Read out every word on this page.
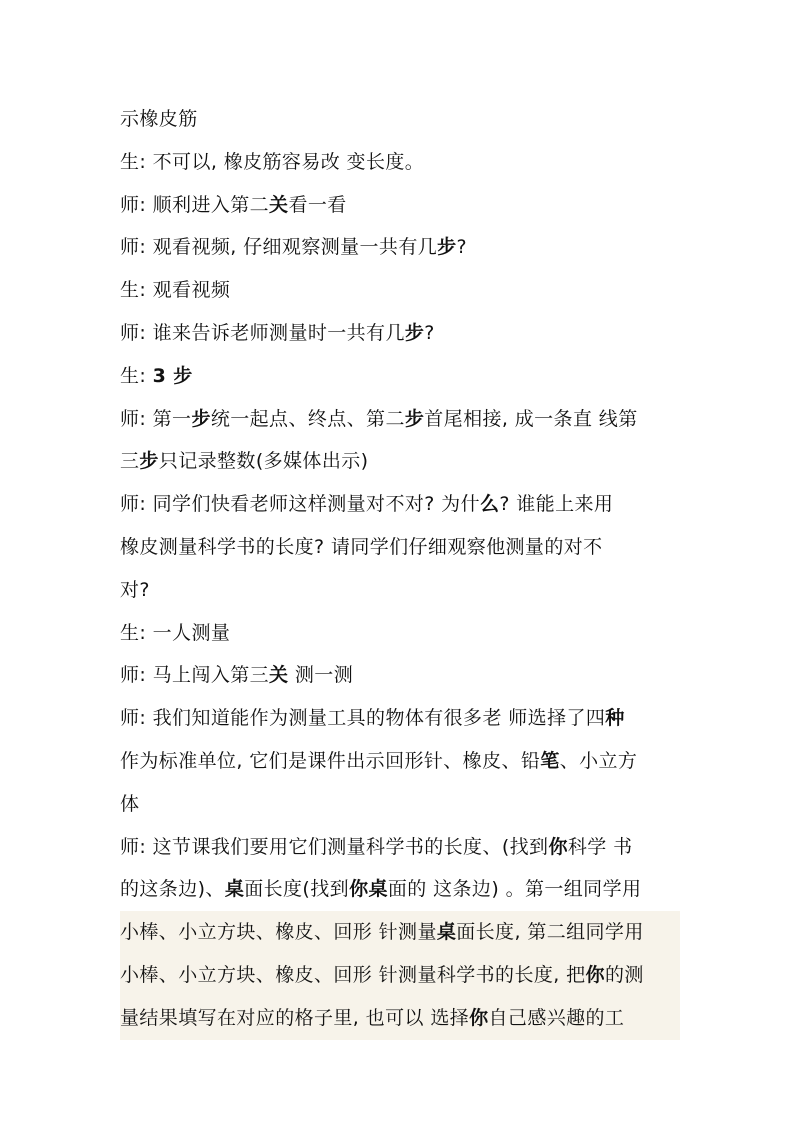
示橡皮筋
生: 不可以, 橡皮筋容易改 变长度。
师: 顺利进入第二关看一看
师: 观看视频, 仔细观察测量一共有几步?
生: 观看视频
师: 谁来告诉老师测量时一共有几步?
生: 3 步
师: 第一步统一起点、终点、第二步首尾相接, 成一条直 线第
三步只记录整数(多媒体出示)
师: 同学们快看老师这样测量对不对? 为什么? 谁能上来用
橡皮测量科学书的长度? 请同学们仔细观察他测量的对不
对?
生: 一人测量
师: 马上闯入第三关 测一测
师: 我们知道能作为测量工具的物体有很多老 师选择了四种
作为标准单位, 它们是课件出示回形针、橡皮、铅笔、小立方
体
师: 这节课我们要用它们测量科学书的长度、(找到你科学 书
的这条边)、桌面长度(找到你桌面的 这条边) 。第一组同学用
小棒、小立方块、橡皮、回形 针测量桌面长度, 第二组同学用
小棒、小立方块、橡皮、回形 针测量科学书的长度, 把你的测
量结果填写在对应的格子里, 也可以 选择你自己感兴趣的工
